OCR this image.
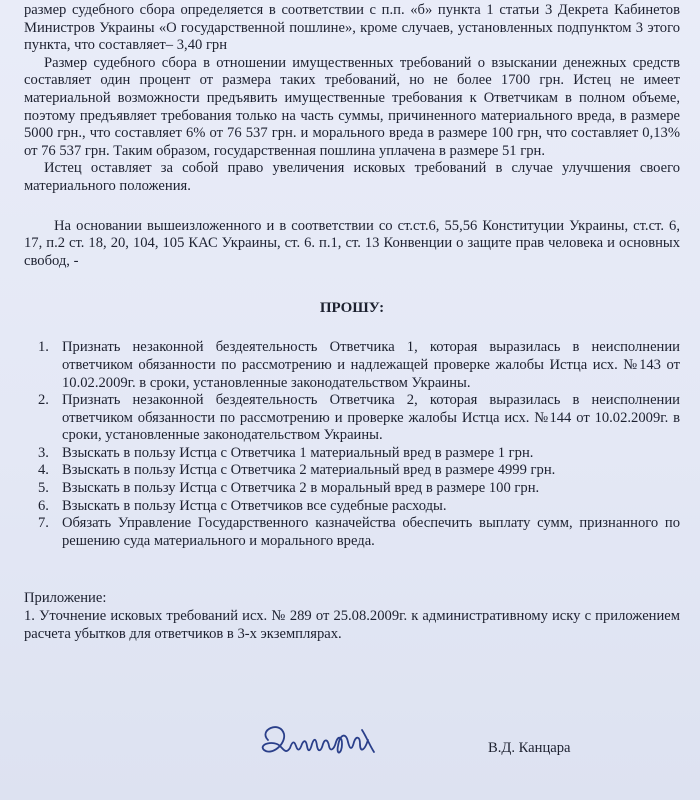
размер судебного сбора определяется в соответствии с п.п. «б» пункта 1 статьи 3 Декрета Кабинетов Министров Украины «О государственной пошлине», кроме случаев, установленных подпунктом 3 этого пункта, что составляет– 3,40 грн

Размер судебного сбора в отношении имущественных требований о взыскании денежных средств составляет один процент от размера таких требований, но не более 1700 грн. Истец не имеет материальной возможности предъявить имущественные требования к Ответчикам в полном объеме, поэтому предъявляет требования только на часть суммы, причиненного материального вреда, в размере 5000 грн., что составляет 6% от 76 537 грн. и морального вреда в размере 100 грн, что составляет 0,13% от 76 537 грн. Таким образом, государственная пошлина уплачена в размере 51 грн.

Истец оставляет за собой право увеличения исковых требований в случае улучшения своего материального положения.

На основании вышеизложенного и в соответствии со ст.ст.6, 55,56 Конституции Украины, ст.ст. 6, 17, п.2 ст. 18, 20, 104, 105 КАС Украины, ст. 6. п.1, ст. 13 Конвенции о защите прав человека и основных свобод, -

ПРОШУ:
1. Признать незаконной бездеятельность Ответчика 1, которая выразилась в неисполнении ответчиком обязанности по рассмотрению и надлежащей проверке жалобы Истца исх. №143 от 10.02.2009г. в сроки, установленные законодательством Украины.
2. Признать незаконной бездеятельность Ответчика 2, которая выразилась в неисполнении ответчиком обязанности по рассмотрению и проверке жалобы Истца исх. №144 от 10.02.2009г. в сроки, установленные законодательством Украины.
3. Взыскать в пользу Истца с Ответчика 1 материальный вред в размере 1 грн.
4. Взыскать в пользу Истца с Ответчика 2 материальный вред в размере 4999 грн.
5. Взыскать в пользу Истца с Ответчика 2 в моральный вред в размере 100 грн.
6. Взыскать в пользу Истца с Ответчиков все судебные расходы.
7. Обязать Управление Государственного казначейства обеспечить выплату сумм, признанного по решению суда материального и морального вреда.

Приложение:

1. Уточнение исковых требований исх. № 289 от 25.08.2009г. к административному иску с приложением расчета убытков для ответчиков в 3-х экземплярах.

В.Д. Канцара
